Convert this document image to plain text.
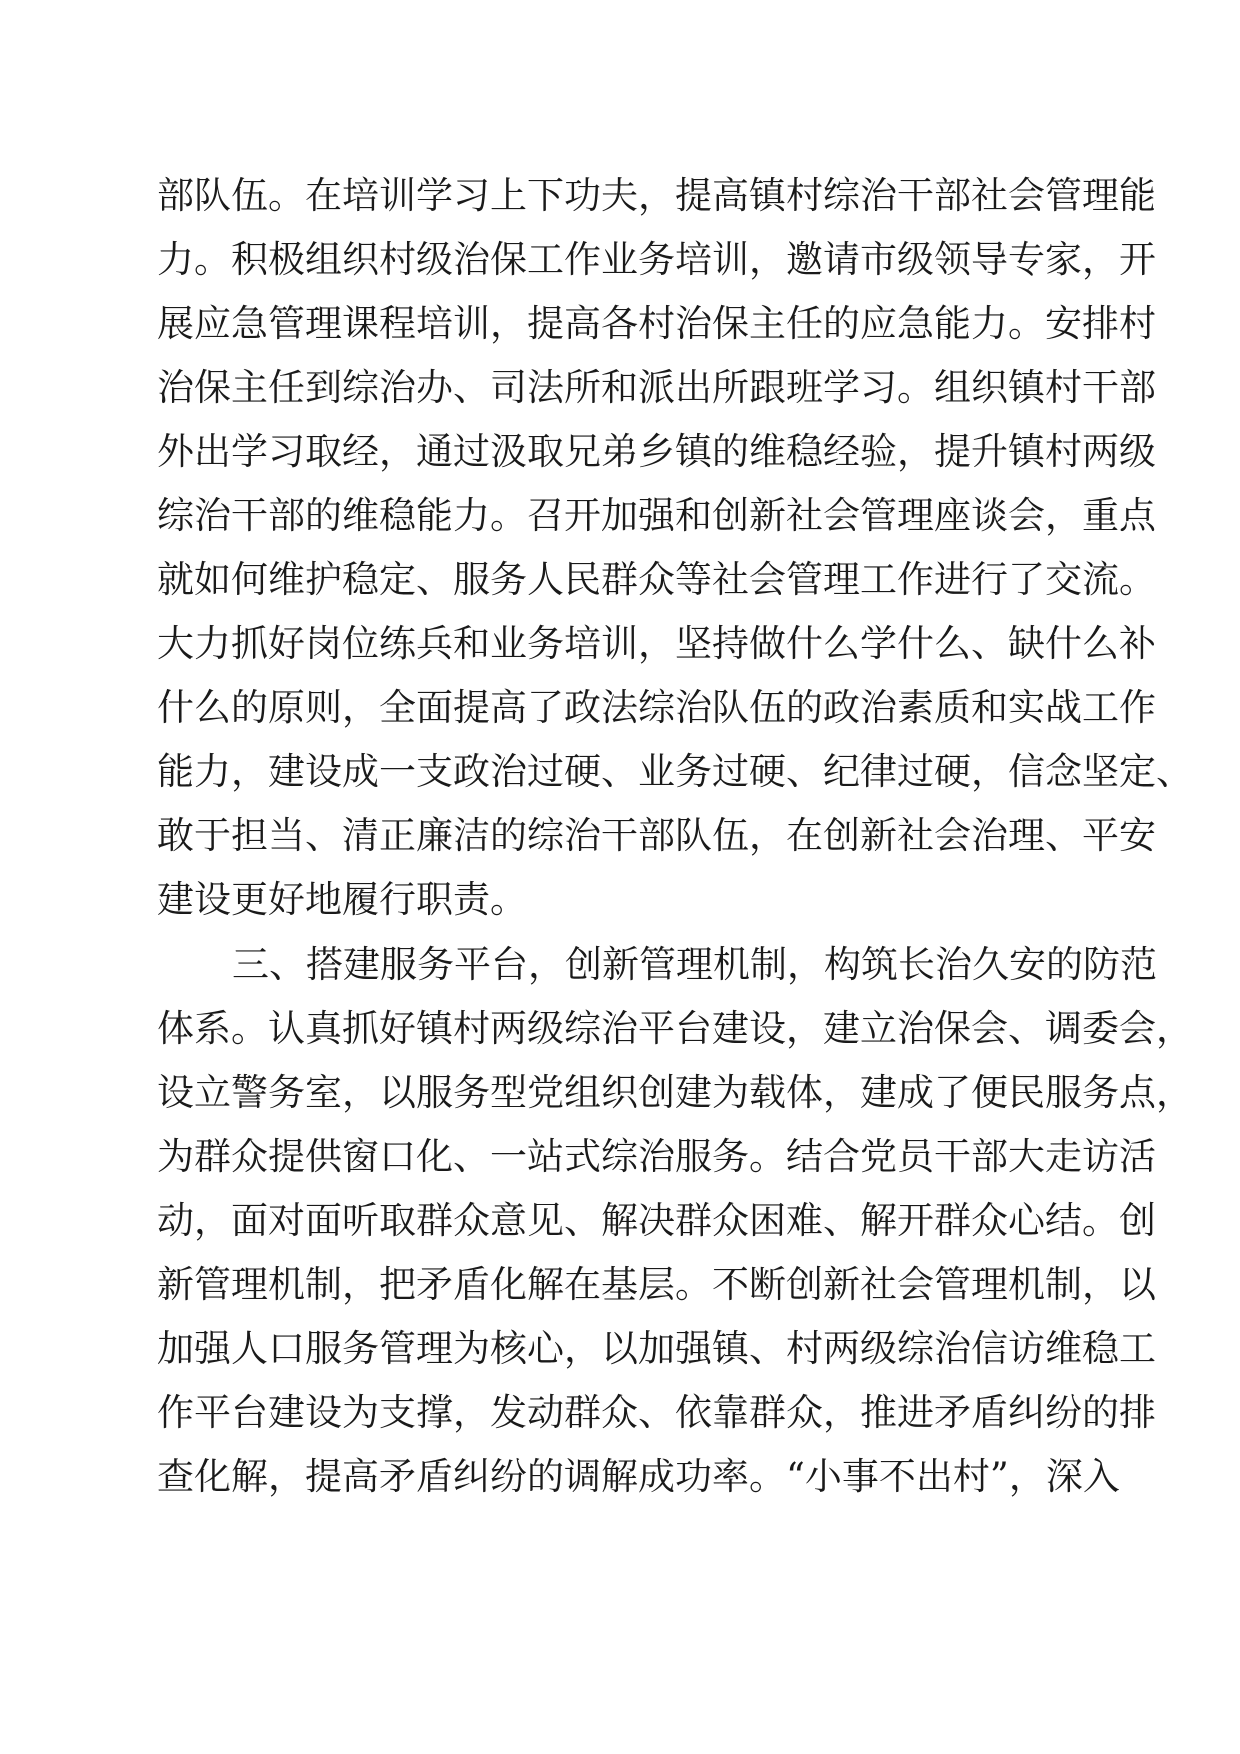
部队伍。在培训学习上下功夫，提高镇村综治干部社会管理能
力。积极组织村级治保工作业务培训，邀请市级领导专家，开
展应急管理课程培训，提高各村治保主任的应急能力。安排村
治保主任到综治办、司法所和派出所跟班学习。组织镇村干部
外出学习取经，通过汲取兄弟乡镇的维稳经验，提升镇村两级
综治干部的维稳能力。召开加强和创新社会管理座谈会，重点
就如何维护稳定、服务人民群众等社会管理工作进行了交流。
大力抓好岗位练兵和业务培训，坚持做什么学什么、缺什么补
什么的原则，全面提高了政法综治队伍的政治素质和实战工作
能力，建设成一支政治过硬、业务过硬、纪律过硬，信念坚定、
敢于担当、清正廉洁的综治干部队伍，在创新社会治理、平安
建设更好地履行职责。
三、搭建服务平台，创新管理机制，构筑长治久安的防范
体系。认真抓好镇村两级综治平台建设，建立治保会、调委会，
设立警务室，以服务型党组织创建为载体，建成了便民服务点，
为群众提供窗口化、一站式综治服务。结合党员干部大走访活
动，面对面听取群众意见、解决群众困难、解开群众心结。创
新管理机制，把矛盾化解在基层。不断创新社会管理机制，以
加强人口服务管理为核心，以加强镇、村两级综治信访维稳工
作平台建设为支撑，发动群众、依靠群众，推进矛盾纠纷的排
查化解，提高矛盾纠纷的调解成功率。“小事不出村”，深入
